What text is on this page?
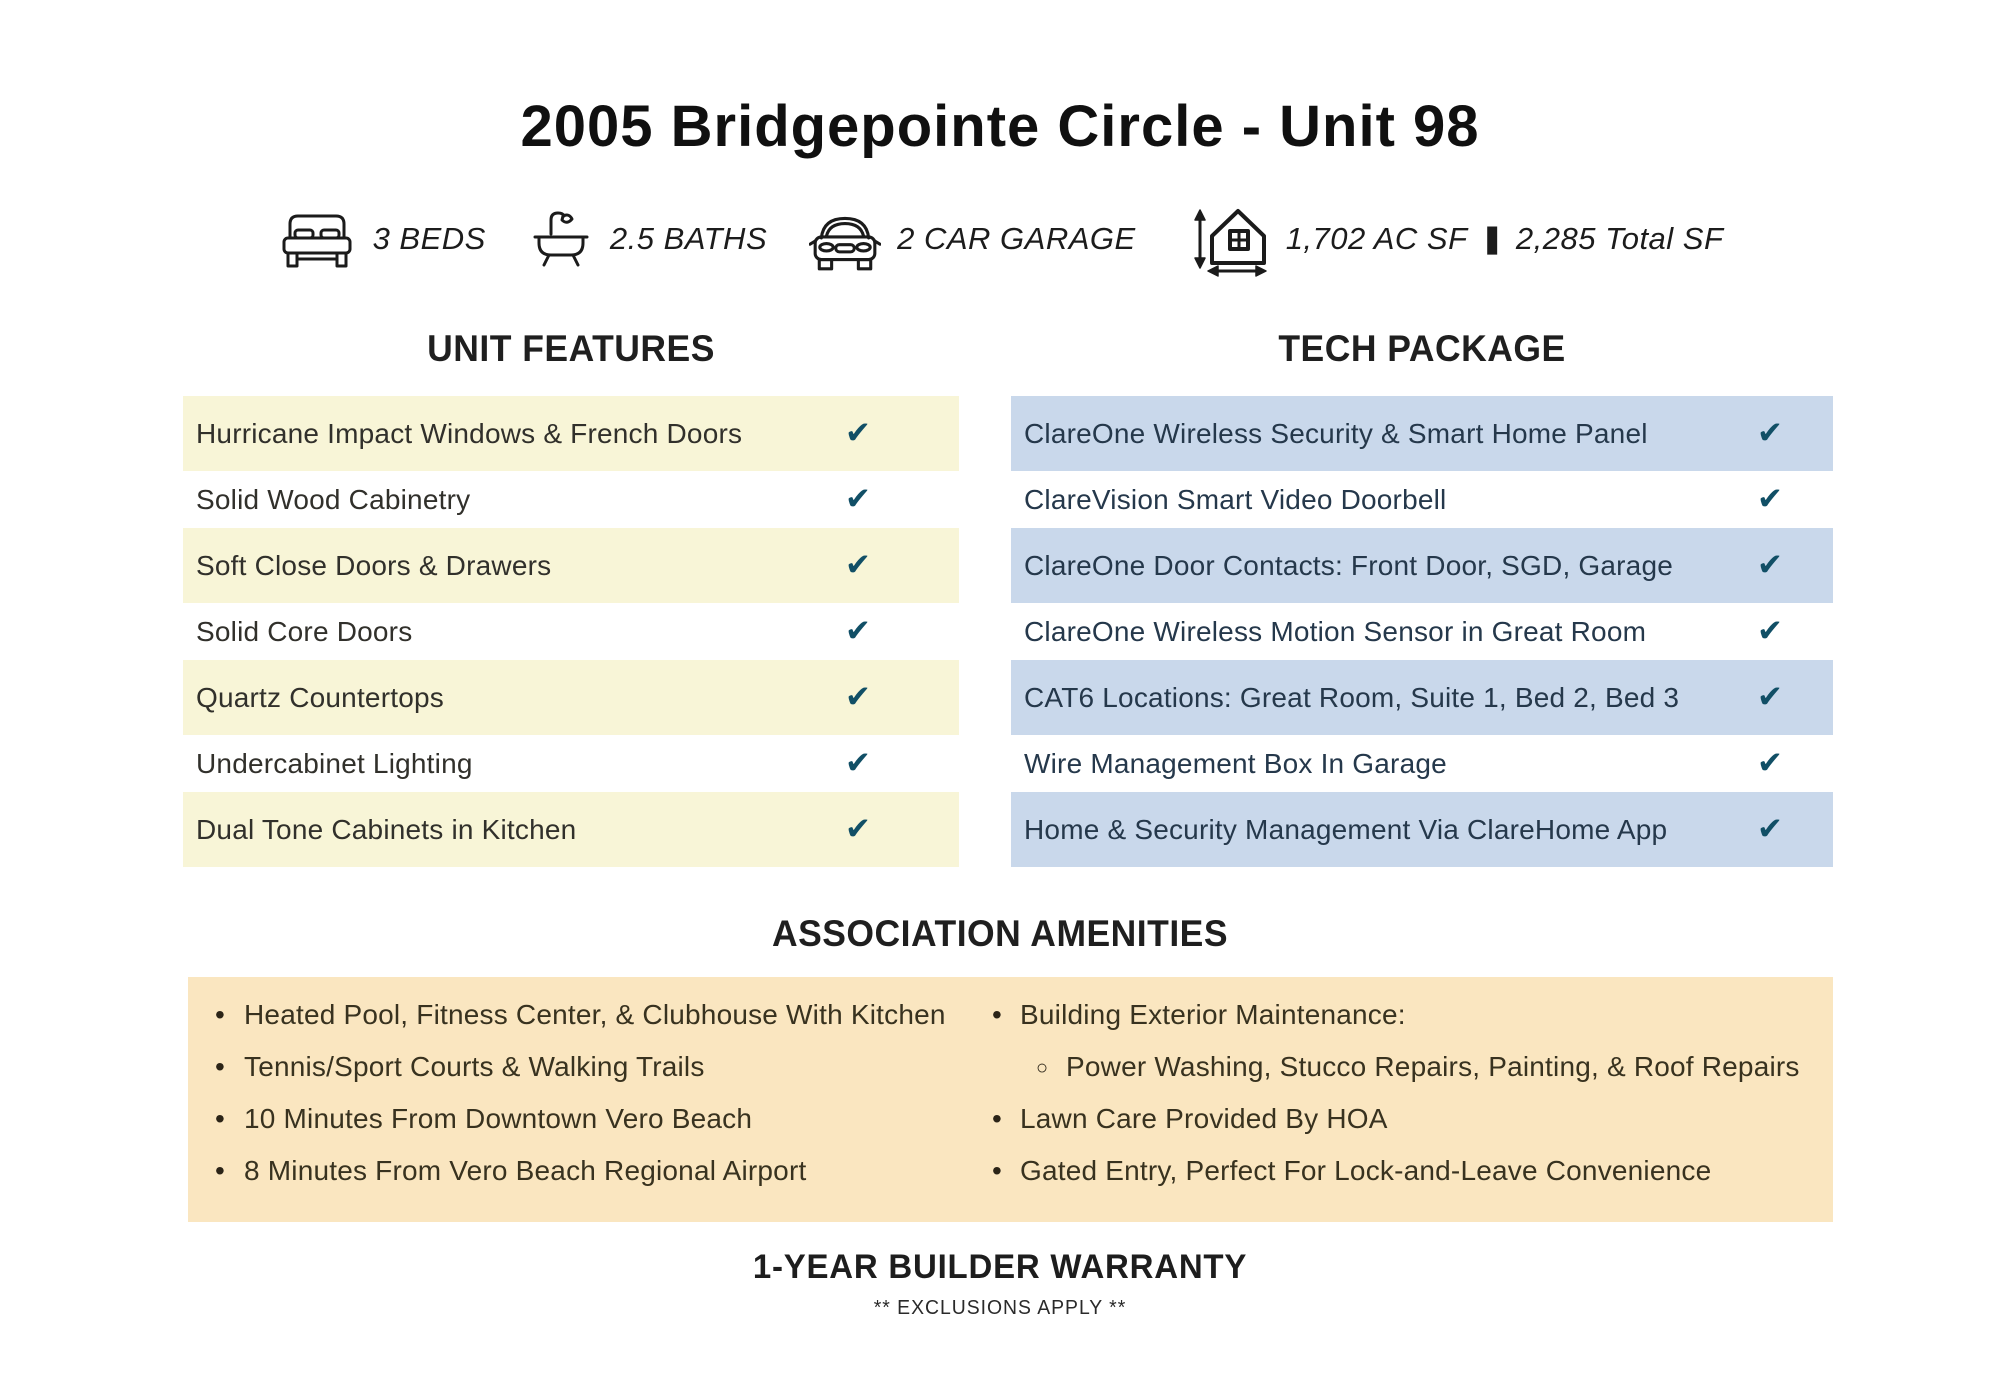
2005 Bridgepointe Circle - Unit 98
3 BEDS	2.5 BATHS	2 CAR GARAGE	1,702 AC SF | 2,285 Total SF
UNIT FEATURES
Hurricane Impact Windows & French Doors	✔
Solid Wood Cabinetry	✔
Soft Close Doors & Drawers	✔
Solid Core Doors	✔
Quartz Countertops	✔
Undercabinet Lighting	✔
Dual Tone Cabinets in Kitchen	✔
TECH PACKAGE
ClareOne Wireless Security & Smart Home Panel	✔
ClareVision Smart Video Doorbell	✔
ClareOne Door Contacts: Front Door, SGD, Garage	✔
ClareOne Wireless Motion Sensor in Great Room	✔
CAT6 Locations: Great Room, Suite 1, Bed 2, Bed 3	✔
Wire Management Box In Garage	✔
Home & Security Management Via ClareHome App	✔
ASSOCIATION AMENITIES
• Heated Pool, Fitness Center, & Clubhouse With Kitchen
• Tennis/Sport Courts & Walking Trails
• 10 Minutes From Downtown Vero Beach
• 8 Minutes From Vero Beach Regional Airport
• Building Exterior Maintenance:
○ Power Washing, Stucco Repairs, Painting, & Roof Repairs
• Lawn Care Provided By HOA
• Gated Entry, Perfect For Lock-and-Leave Convenience
1-YEAR BUILDER WARRANTY
** EXCLUSIONS APPLY **
